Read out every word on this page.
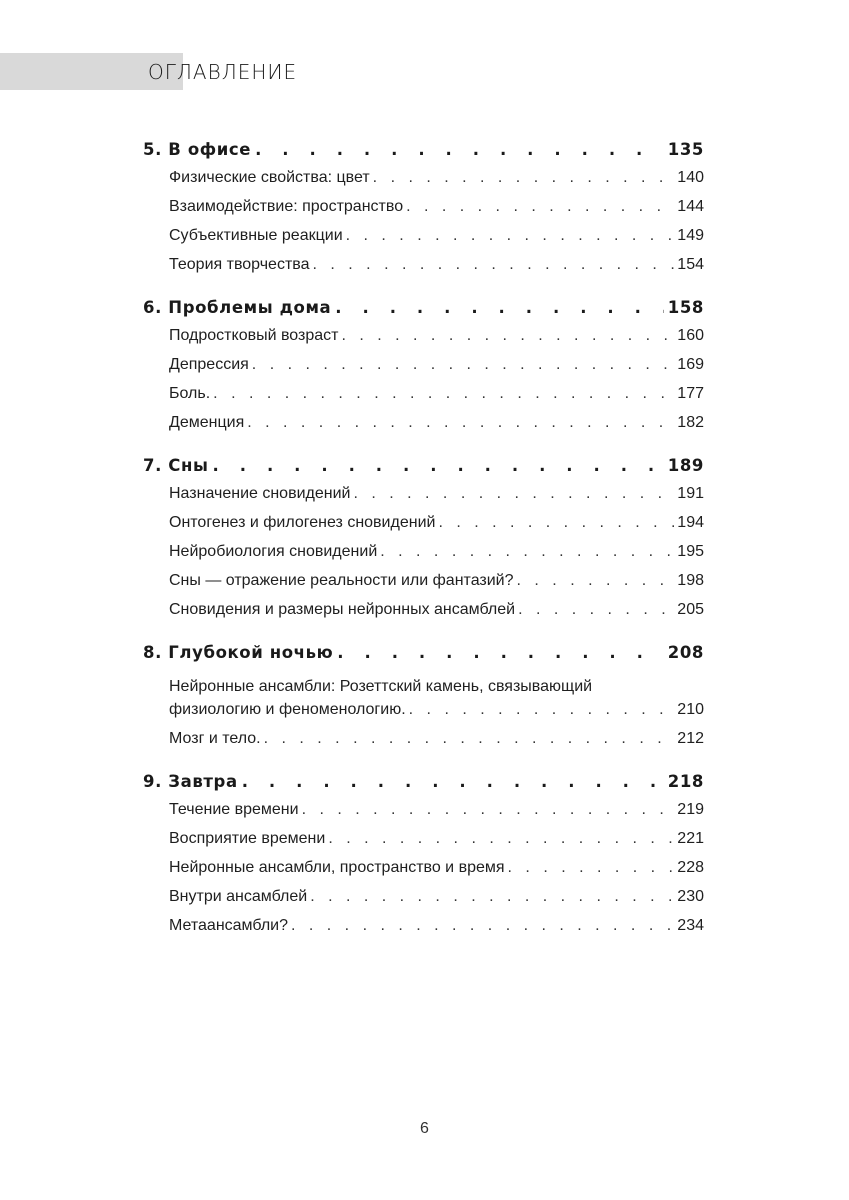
ОГЛАВЛЕНИЕ
5. В офисе . . .	135
Физические свойства: цвет . . .	140
Взаимодействие: пространство . . .	144
Субъективные реакции . . .	149
Теория творчества . . .	154
6. Проблемы дома . . .	158
Подростковый возраст . . .	160
Депрессия . . .	169
Боль. . . .	177
Деменция . . .	182
7. Сны . . .	189
Назначение сновидений . . .	191
Онтогенез и филогенез сновидений . . .	194
Нейробиология сновидений . . .	195
Сны — отражение реальности или фантазий? . . .	198
Сновидения и размеры нейронных ансамблей . . .	205
8. Глубокой ночью . . .	208
Нейронные ансамбли: Розеттский камень, связывающий
физиологию и феноменологию. . . .	210
Мозг и тело. . . .	212
9. Завтра . . .	218
Течение времени . . .	219
Восприятие времени . . .	221
Нейронные ансамбли, пространство и время . . .	228
Внутри ансамблей . . .	230
Метаансамбли? . . .	234
6
